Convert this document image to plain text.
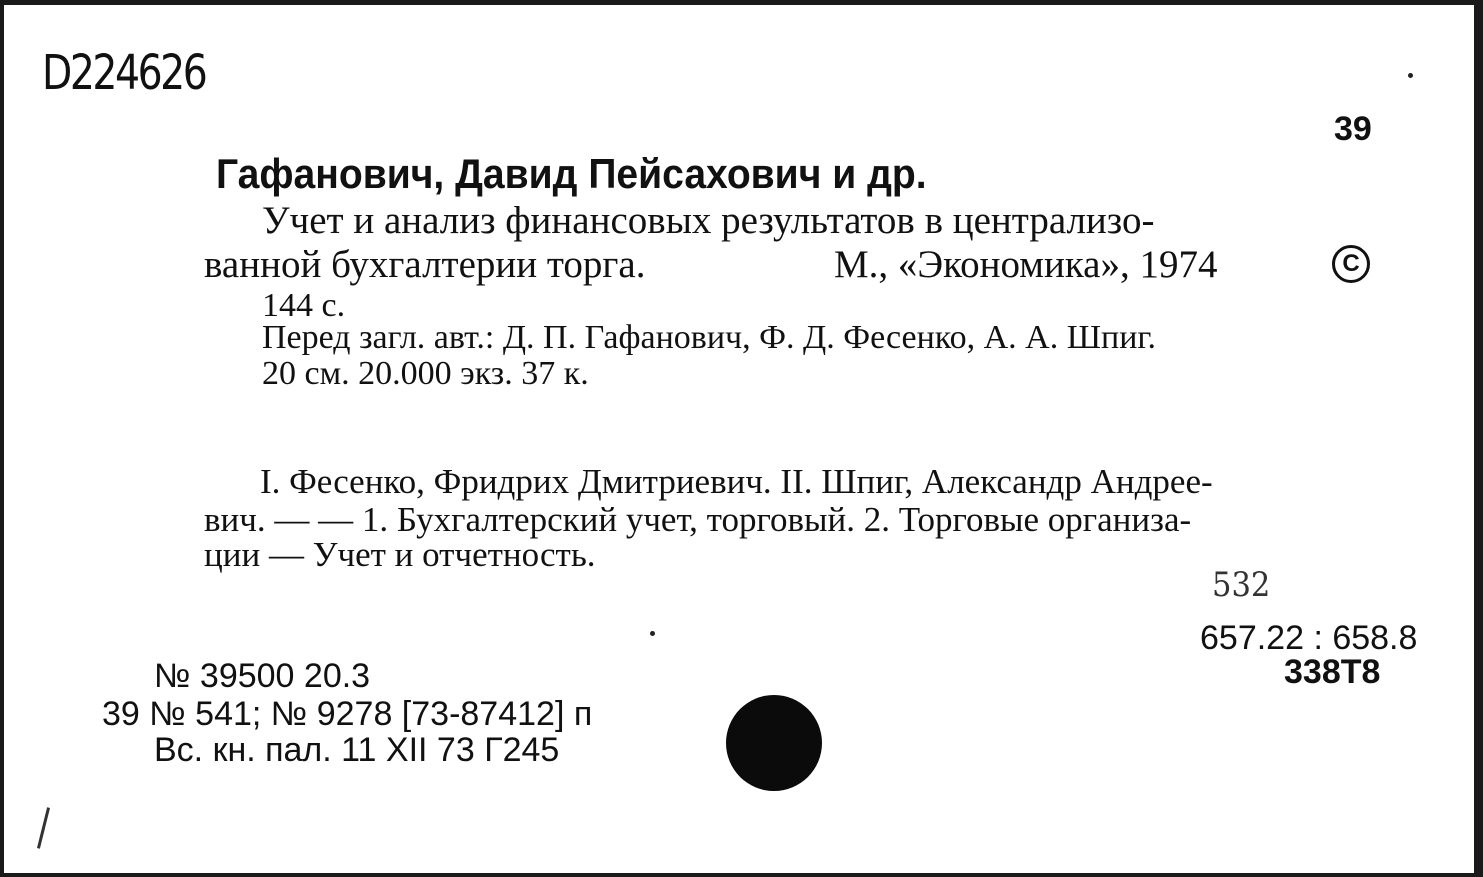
D224626
39
Гафанович, Давид Пейсахович и др.
Учет и анализ финансовых результатов в централизо-
ванной бухгалтерии торга.	М., «Экономика», 1974	C
144 с.
Перед загл. авт.: Д. П. Гафанович, Ф. Д. Фесенко, А. А. Шпиг.
20 см. 20.000 экз. 37 к.
I. Фесенко, Фридрих Дмитриевич. II. Шпиг, Александр Андрее-
вич. — — 1. Бухгалтерский учет, торговый. 2. Торговые организа-
ции — Учет и отчетность.
532
657.22 : 658.8
338Т8
№ 39500 20.3
39 № 541; № 9278 [73-87412] п
Вс. кн. пал. 11 XII 73 Г245
